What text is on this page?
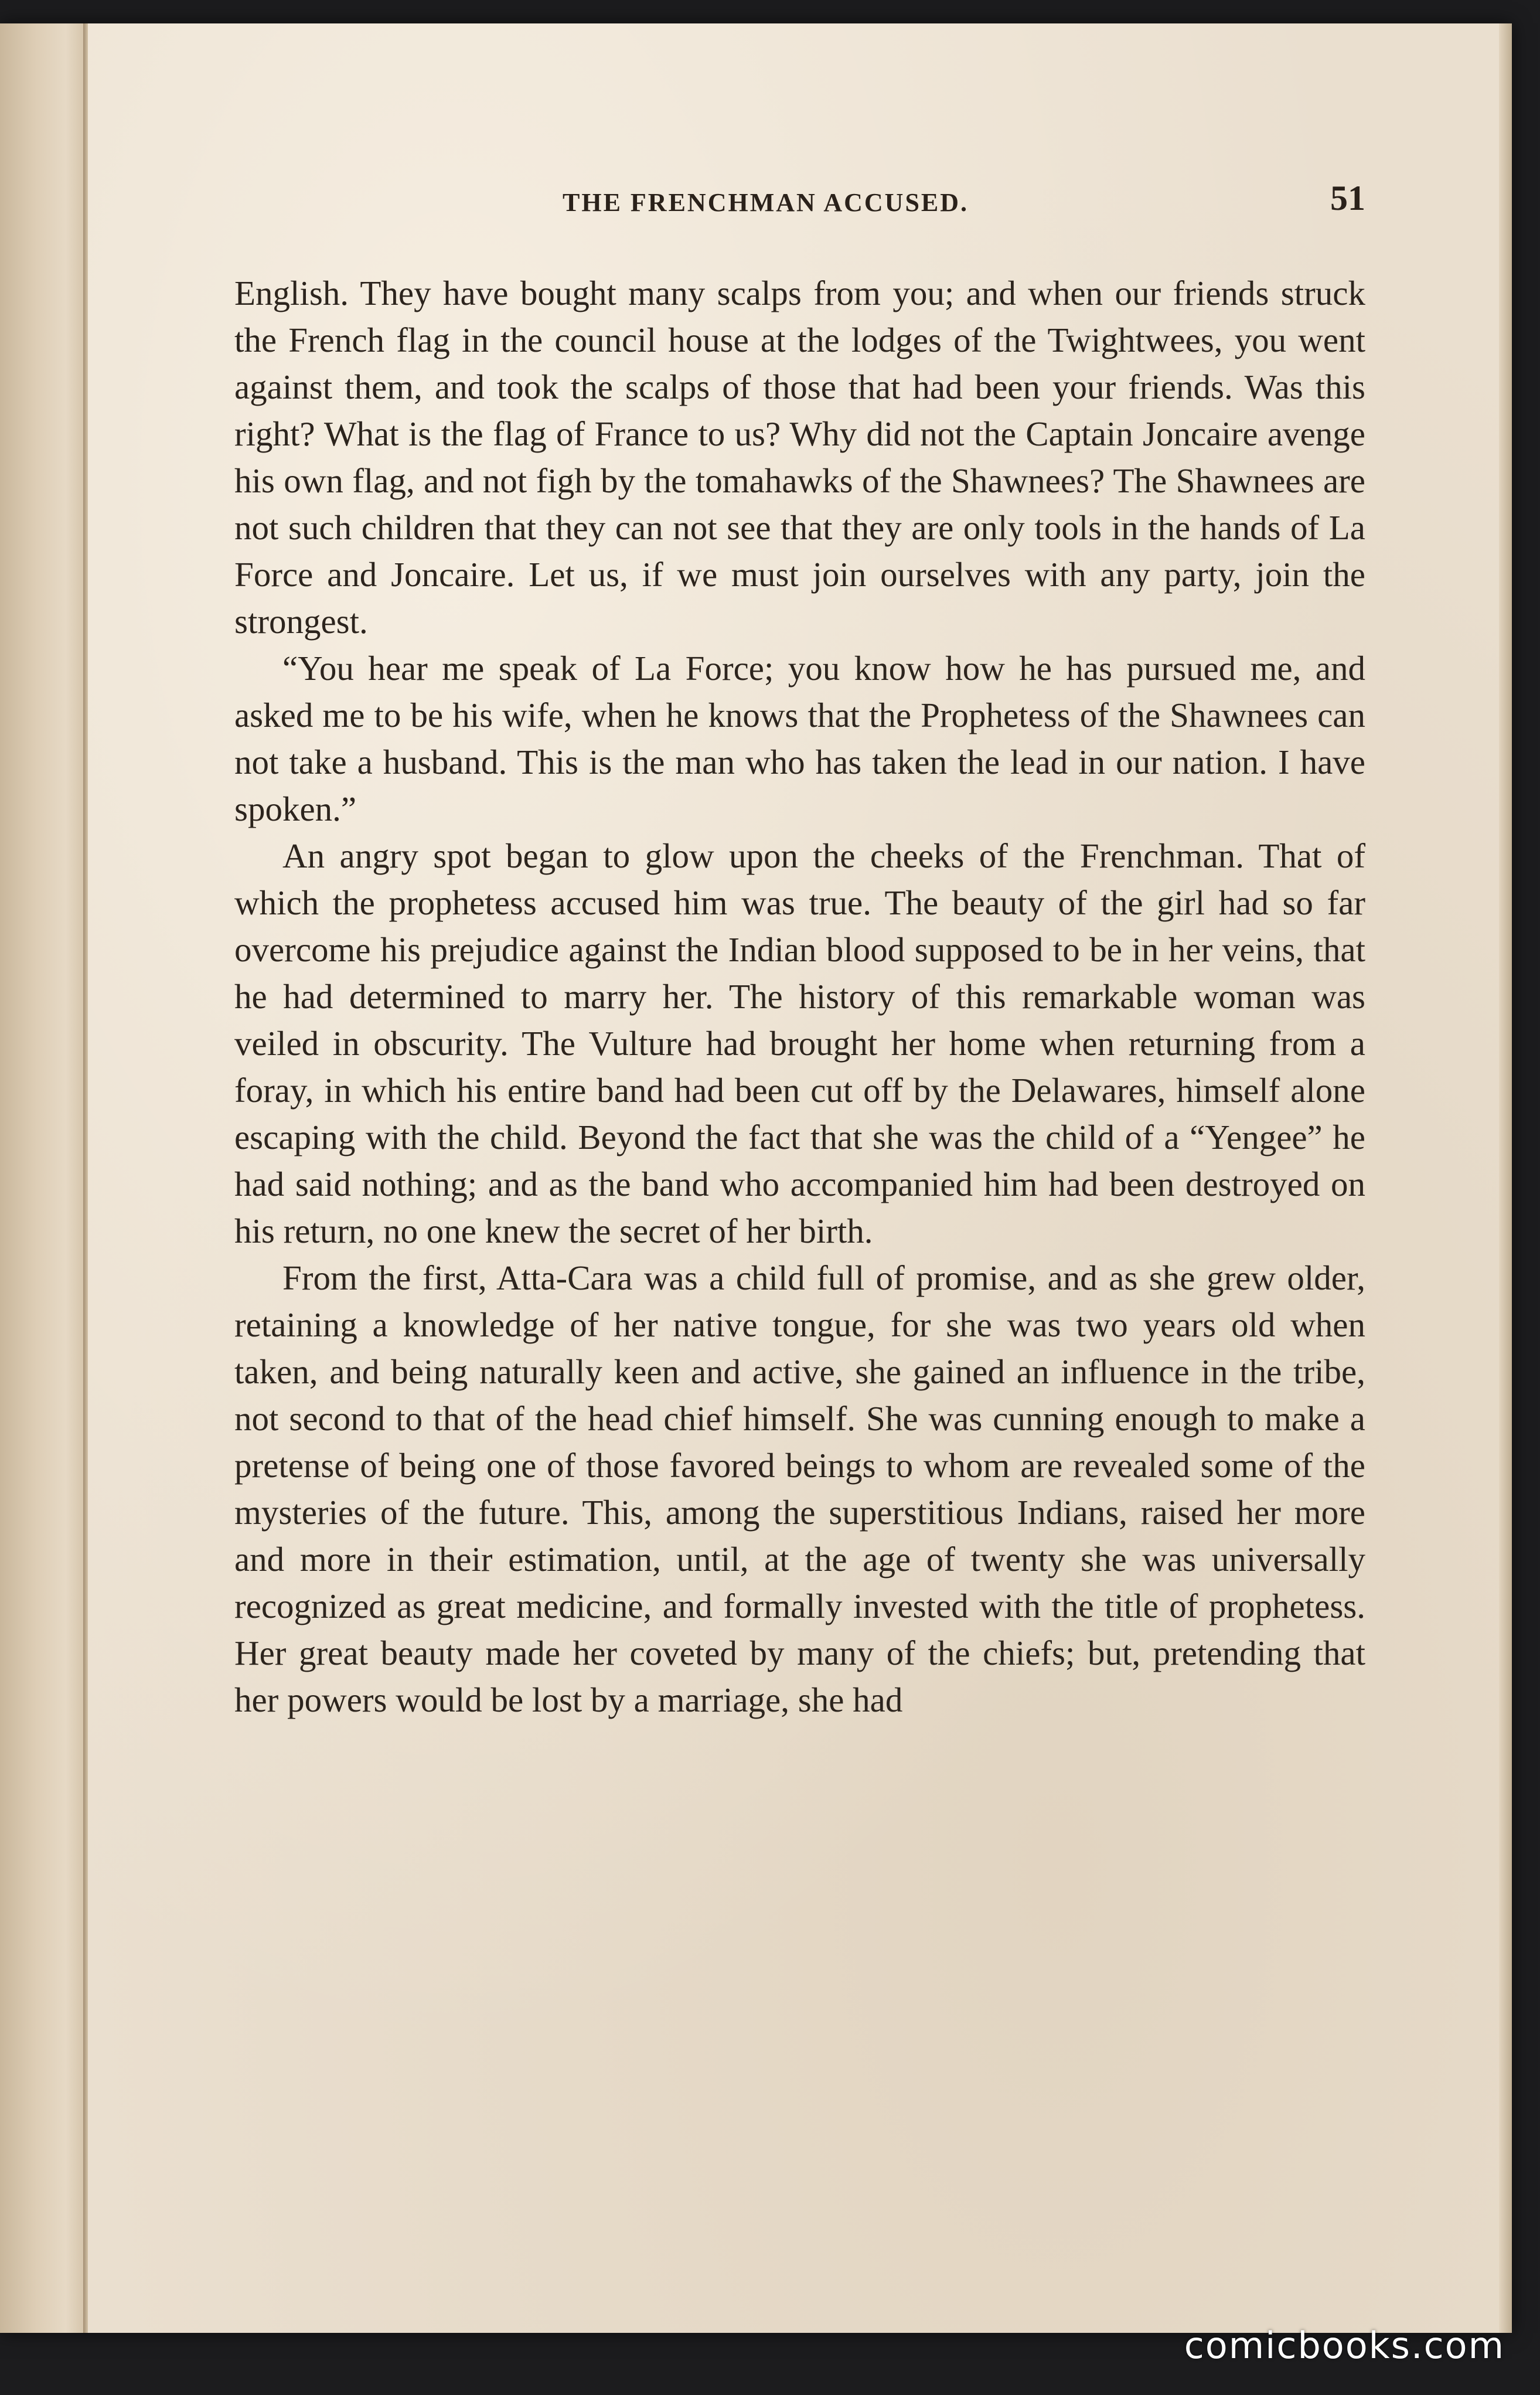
THE FRENCHMAN ACCUSED.	51

English. They have bought many scalps from you; and when our friends struck the French flag in the council house at the lodges of the Twightwees, you went against them, and took the scalps of those that had been your friends. Was this right? What is the flag of France to us? Why did not the Captain Joncaire avenge his own flag, and not figh by the tomahawks of the Shawnees? The Shawnees are not such children that they can not see that they are only tools in the hands of La Force and Joncaire. Let us, if we must join ourselves with any party, join the strongest.

“You hear me speak of La Force; you know how he has pursued me, and asked me to be his wife, when he knows that the Prophetess of the Shawnees can not take a husband. This is the man who has taken the lead in our nation. I have spoken.”

An angry spot began to glow upon the cheeks of the Frenchman. That of which the prophetess accused him was true. The beauty of the girl had so far overcome his prejudice against the Indian blood supposed to be in her veins, that he had determined to marry her. The history of this remarkable woman was veiled in obscurity. The Vulture had brought her home when returning from a foray, in which his entire band had been cut off by the Delawares, himself alone escaping with the child. Beyond the fact that she was the child of a “Yengee” he had said nothing; and as the band who accompanied him had been destroyed on his return, no one knew the secret of her birth.

From the first, Atta-Cara was a child full of promise, and as she grew older, retaining a knowledge of her native tongue, for she was two years old when taken, and being naturally keen and active, she gained an influence in the tribe, not second to that of the head chief himself. She was cunning enough to make a pretense of being one of those favored beings to whom are revealed some of the mysteries of the future. This, among the superstitious Indians, raised her more and more in their estimation, until, at the age of twenty she was universally recognized as great medicine, and formally invested with the title of prophetess. Her great beauty made her coveted by many of the chiefs; but, pretending that her powers would be lost by a marriage, she had

comicbooks.com
